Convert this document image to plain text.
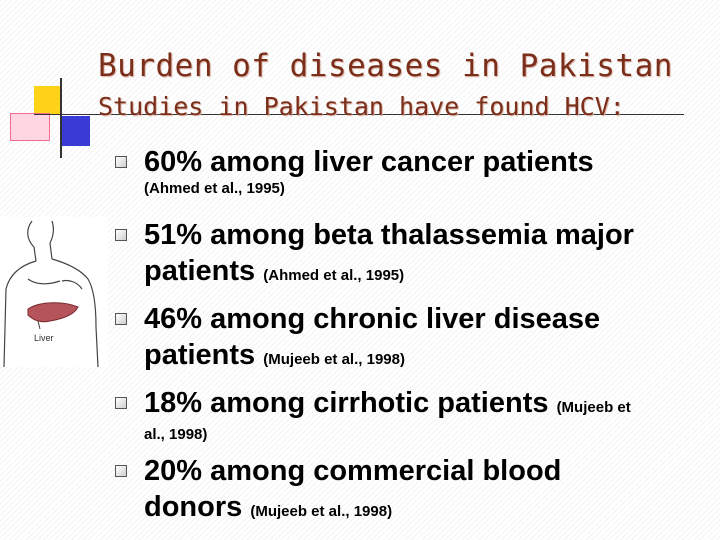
Burden of diseases in Pakistan
Studies in Pakistan have found HCV:
Liver
60% among liver cancer patients
(Ahmed et al., 1995)
51% among beta thalassemia major
patients (Ahmed et al., 1995)
46% among chronic liver disease
patients (Mujeeb et al., 1998)
18% among cirrhotic patients (Mujeeb et
al., 1998)
20% among commercial blood
donors (Mujeeb et al., 1998)
